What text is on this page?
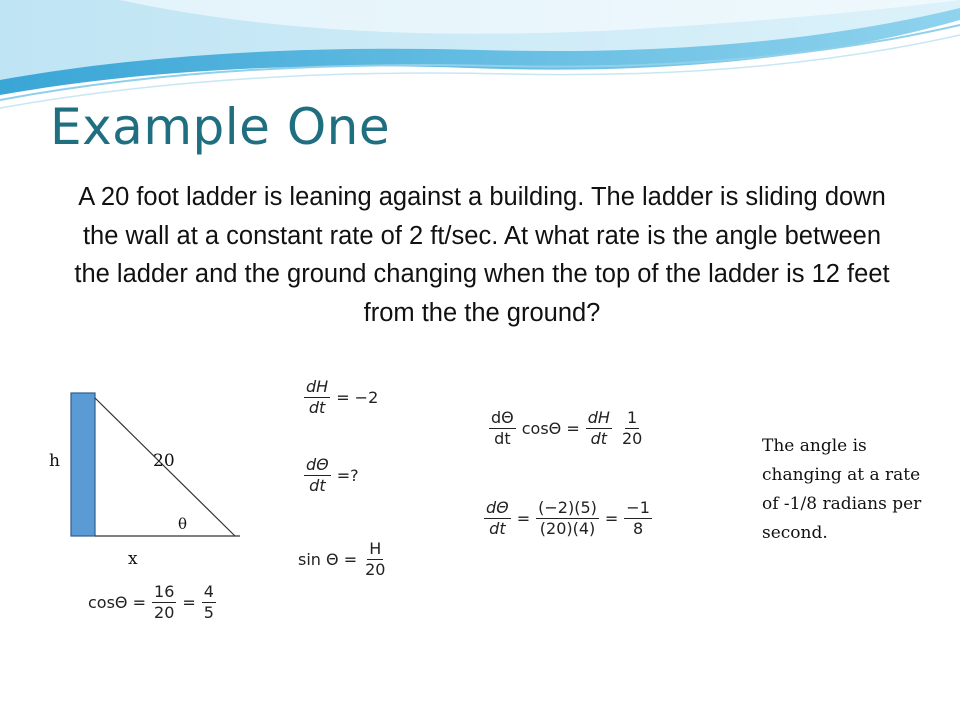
Example One
A 20 foot ladder is leaning against a building. The ladder is sliding down the wall at a constant rate of 2 ft/sec. At what rate is the angle between the ladder and the ground changing when the top of the ladder is 12 feet from the the ground?
h	20
θ
x
$\cos\Theta = \frac{16}{20} = \frac{4}{5}$
$\frac{dH}{dt} = -2$
$\frac{d\Theta}{dt}$ =?
$\sin \Theta = \frac{H}{20}$
$\frac{d\Theta}{dt}$ $\cos\Theta = \frac{dH}{dt} \frac{1}{20}$
$\frac{d\Theta}{dt} = \frac{(-2)(5)}{(20)(4)} = \frac{-1}{8}$
The angle is changing at a rate of -1/8 radians per second.
